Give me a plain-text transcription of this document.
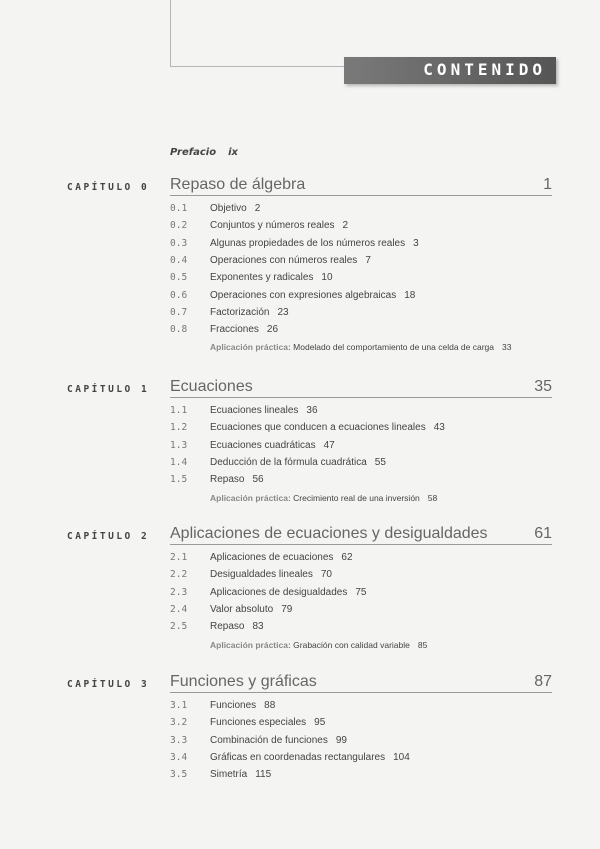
CONTENIDO
Prefacio ix
CAPÍTULO 0 Repaso de álgebra	1
0.1 Objetivo 2
0.2 Conjuntos y números reales 2
0.3 Algunas propiedades de los números reales 3
0.4 Operaciones con números reales 7
0.5 Exponentes y radicales 10
0.6 Operaciones con expresiones algebraicas 18
0.7 Factorización 23
0.8 Fracciones 26
Aplicación práctica: Modelado del comportamiento de una celda de carga 33
CAPÍTULO 1 Ecuaciones	35
1.1 Ecuaciones lineales 36
1.2 Ecuaciones que conducen a ecuaciones lineales 43
1.3 Ecuaciones cuadráticas 47
1.4 Deducción de la fórmula cuadrática 55
1.5 Repaso 56
Aplicación práctica: Crecimiento real de una inversión 58
CAPÍTULO 2 Aplicaciones de ecuaciones y desigualdades	61
2.1 Aplicaciones de ecuaciones 62
2.2 Desigualdades lineales 70
2.3 Aplicaciones de desigualdades 75
2.4 Valor absoluto 79
2.5 Repaso 83
Aplicación práctica: Grabación con calidad variable 85
CAPÍTULO 3 Funciones y gráficas	87
3.1 Funciones 88
3.2 Funciones especiales 95
3.3 Combinación de funciones 99
3.4 Gráficas en coordenadas rectangulares 104
3.5 Simetría 115
